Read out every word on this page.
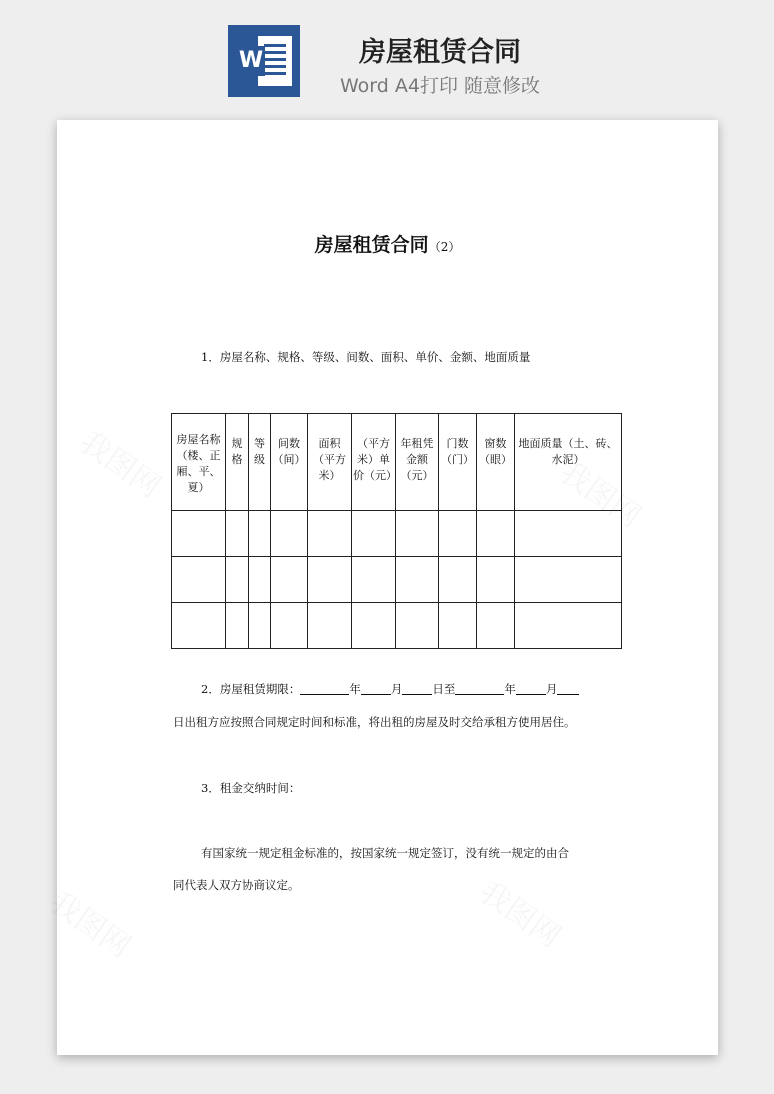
W	房屋租赁合同
Word A4打印 随意修改
房屋租赁合同（2）
1．房屋名称、规格、等级、间数、面积、单价、金额、地面质量
房屋名称（楼、正厢、平、夏）	规格	等级	间数（间）	面积（平方米）	（平方米）单价（元）	年租凭金额（元）	门数（门）	窗数（眼）	地面质量（土、砖、水泥）

2．房屋租赁期限：	年	月	日至	年	月
日出租方应按照合同规定时间和标准，将出租的房屋及时交给承租方使用居住。
3．租金交纳时间：
有国家统一规定租金标准的，按国家统一规定签订，没有统一规定的由合
同代表人双方协商议定。
